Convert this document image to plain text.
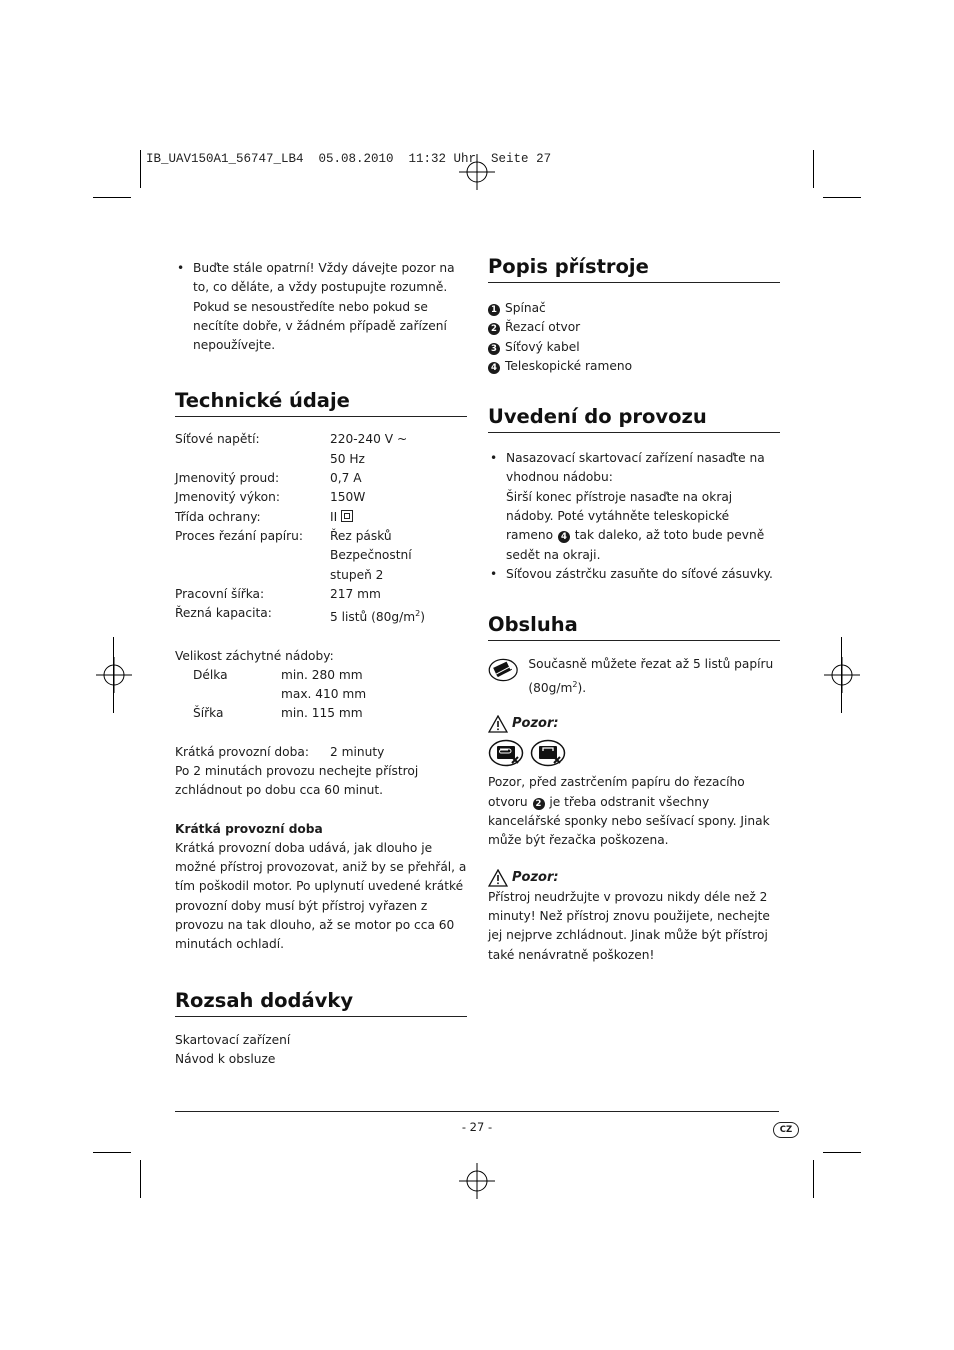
IB_UAV150A1_56747_LB4  05.08.2010  11:32 Uhr  Seite 27
• Buďte stále opatrní! Vždy dávejte pozor na to, co děláte, a vždy postupujte rozumně. Pokud se nesoustředíte nebo pokud se necítíte dobře, v žádném případě zařízení nepoužívejte.
Technické údaje
Síťové napětí:	220-240 V ~
50 Hz
Jmenovitý proud:	0,7 A
Jmenovitý výkon:	150W
Třída ochrany:	II
Proces řezání papíru:	Řez pásků Bezpečnostní
stupeň 2
Pracovní šířka:	217 mm
Řezná kapacita:	5 listů $(80g/m^2)$
Velikost záchytné nádoby:
Délka	min. 280 mm
max. 410 mm
Šířka	min. 115 mm
Krátká provozní doba:	2 minuty
Po 2 minutách provozu nechejte přístroj zchládnout po dobu cca 60 minut.
Krátká provozní doba
Krátká provozní doba udává, jak dlouho je možné přístroj provozovat, aniž by se přehřál, a tím poškodil motor. Po uplynutí uvedené krátké provozní doby musí být přístroj vyřazen z provozu na tak dlouho, až se motor po cca 60 minutách ochladí.
Rozsah dodávky
Skartovací zařízení
Návod k obsluze
Popis přístroje
1 Spínač
2 Řezací otvor
3 Síťový kabel
4 Teleskopické rameno
Uvedení do provozu
• Nasazovací skartovací zařízení nasaďte na vhodnou nádobu:
Širší konec přístroje nasaďte na okraj nádoby. Poté vytáhněte teleskopické rameno 4 tak daleko, až toto bude pevně sedět na okraji.
• Síťovou zástrčku zasuňte do síťové zásuvky.
Obsluha
Současně můžete řezat až 5 listů papíru $(80g/m^2)$.
Pozor:
Pozor, před zastrčením papíru do řezacího otvoru 2 je třeba odstranit všechny kancelářské sponky nebo sešívací spony. Jinak může být řezačka poškozena.
Pozor:
Přístroj neudržujte v provozu nikdy déle než 2 minuty! Než přístroj znovu použijete, nechejte jej nejprve zchládnout. Jinak může být přístroj také nenávratně poškozen!
- 27 -	CZ
